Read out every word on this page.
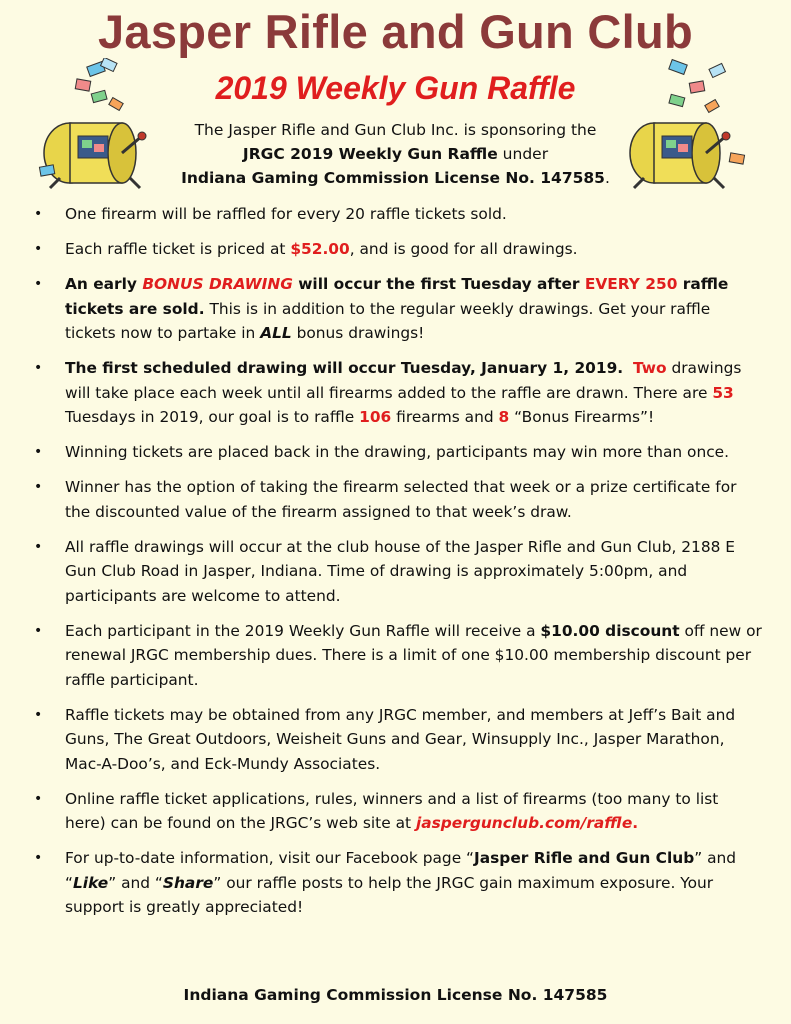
Jasper Rifle and Gun Club
2019 Weekly Gun Raffle
The Jasper Rifle and Gun Club Inc. is sponsoring the
JRGC 2019 Weekly Gun Raffle under
Indiana Gaming Commission License No. 147585.
• One firearm will be raffled for every 20 raffle tickets sold.
• Each raffle ticket is priced at $52.00, and is good for all drawings.
• An early BONUS DRAWING will occur the first Tuesday after EVERY 250 raffle tickets are sold. This is in addition to the regular weekly drawings. Get your raffle tickets now to partake in ALL bonus drawings!
• The first scheduled drawing will occur Tuesday, January 1, 2019. Two drawings will take place each week until all firearms added to the raffle are drawn. There are 53 Tuesdays in 2019, our goal is to raffle 106 firearms and 8 “Bonus Firearms”!
• Winning tickets are placed back in the drawing, participants may win more than once.
• Winner has the option of taking the firearm selected that week or a prize certificate for the discounted value of the firearm assigned to that week’s draw.
• All raffle drawings will occur at the club house of the Jasper Rifle and Gun Club, 2188 E Gun Club Road in Jasper, Indiana. Time of drawing is approximately 5:00pm, and participants are welcome to attend.
• Each participant in the 2019 Weekly Gun Raffle will receive a $10.00 discount off new or renewal JRGC membership dues. There is a limit of one $10.00 membership discount per raffle participant.
• Raffle tickets may be obtained from any JRGC member, and members at Jeff’s Bait and Guns, The Great Outdoors, Weisheit Guns and Gear, Winsupply Inc., Jasper Marathon, Mac-A-Doo’s, and Eck-Mundy Associates.
• Online raffle ticket applications, rules, winners and a list of firearms (too many to list here) can be found on the JRGC’s web site at jaspergunclub.com/raffle.
• For up-to-date information, visit our Facebook page “Jasper Rifle and Gun Club” and “Like” and “Share” our raffle posts to help the JRGC gain maximum exposure. Your support is greatly appreciated!
Indiana Gaming Commission License No. 147585
